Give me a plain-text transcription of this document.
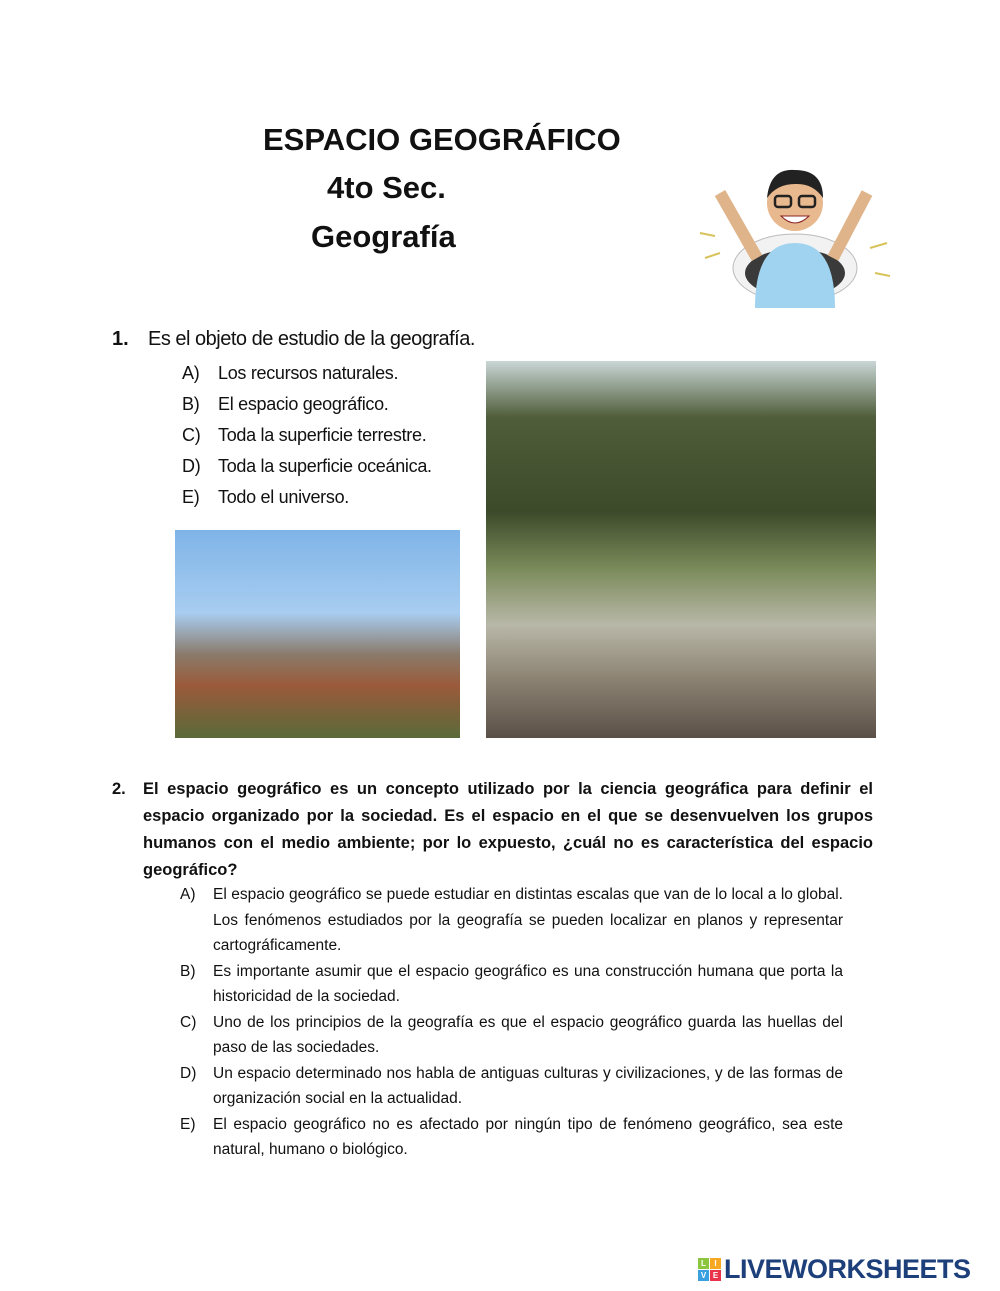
ESPACIO GEOGRÁFICO
4to Sec.
Geografía
1. Es el objeto de estudio de la geografía.
A) Los recursos naturales.
B) El espacio geográfico.
C) Toda la superficie terrestre.
D) Toda la superficie oceánica.
E) Todo el universo.
2. El espacio geográfico es un concepto utilizado por la ciencia geográfica para definir el espacio organizado por la sociedad. Es el espacio en el que se desenvuelven los grupos humanos con el medio ambiente; por lo expuesto, ¿cuál no es característica del espacio geográfico?
A) El espacio geográfico se puede estudiar en distintas escalas que van de lo local a lo global. Los fenómenos estudiados por la geografía se pueden localizar en planos y representar cartográficamente.
B) Es importante asumir que el espacio geográfico es una construcción humana que porta la historicidad de la sociedad.
C) Uno de los principios de la geografía es que el espacio geográfico guarda las huellas del paso de las sociedades.
D) Un espacio determinado nos habla de antiguas culturas y civilizaciones, y de las formas de organización social en la actualidad.
E) El espacio geográfico no es afectado por ningún tipo de fenómeno geográfico, sea este natural, humano o biológico.
L	I
V E LIVEWORKSHEETS
